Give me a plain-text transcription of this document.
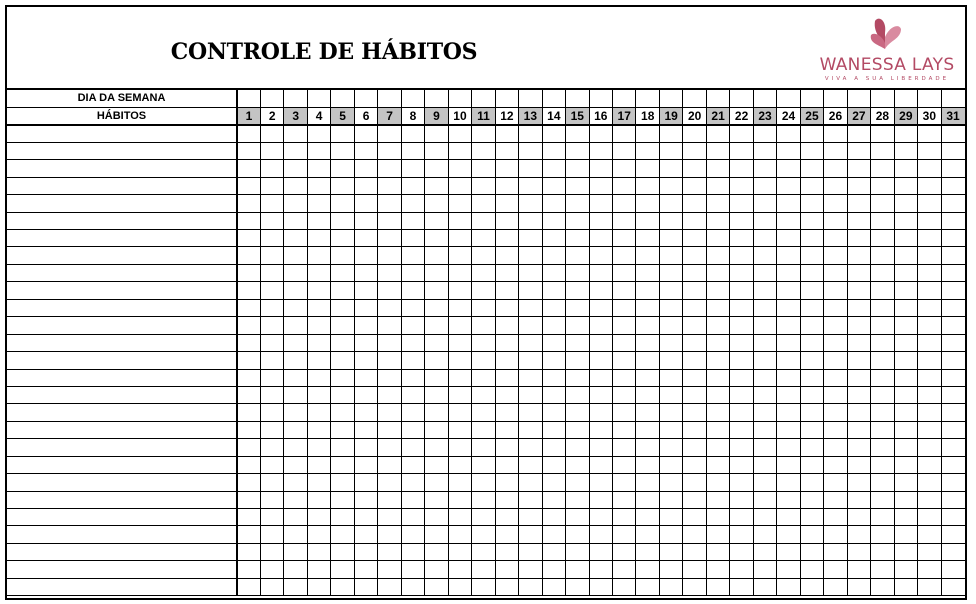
CONTROLE DE HÁBITOS	WANESSA LAYS
VIVA A SUA LIBERDADE
DIA DA SEMANA																															
HÁBITOS	1	2	3	4	5	6	7	8	9	10	11	12	13	14	15	16	17	18	19	20	21	22	23	24	25	26	27	28	29	30	31
